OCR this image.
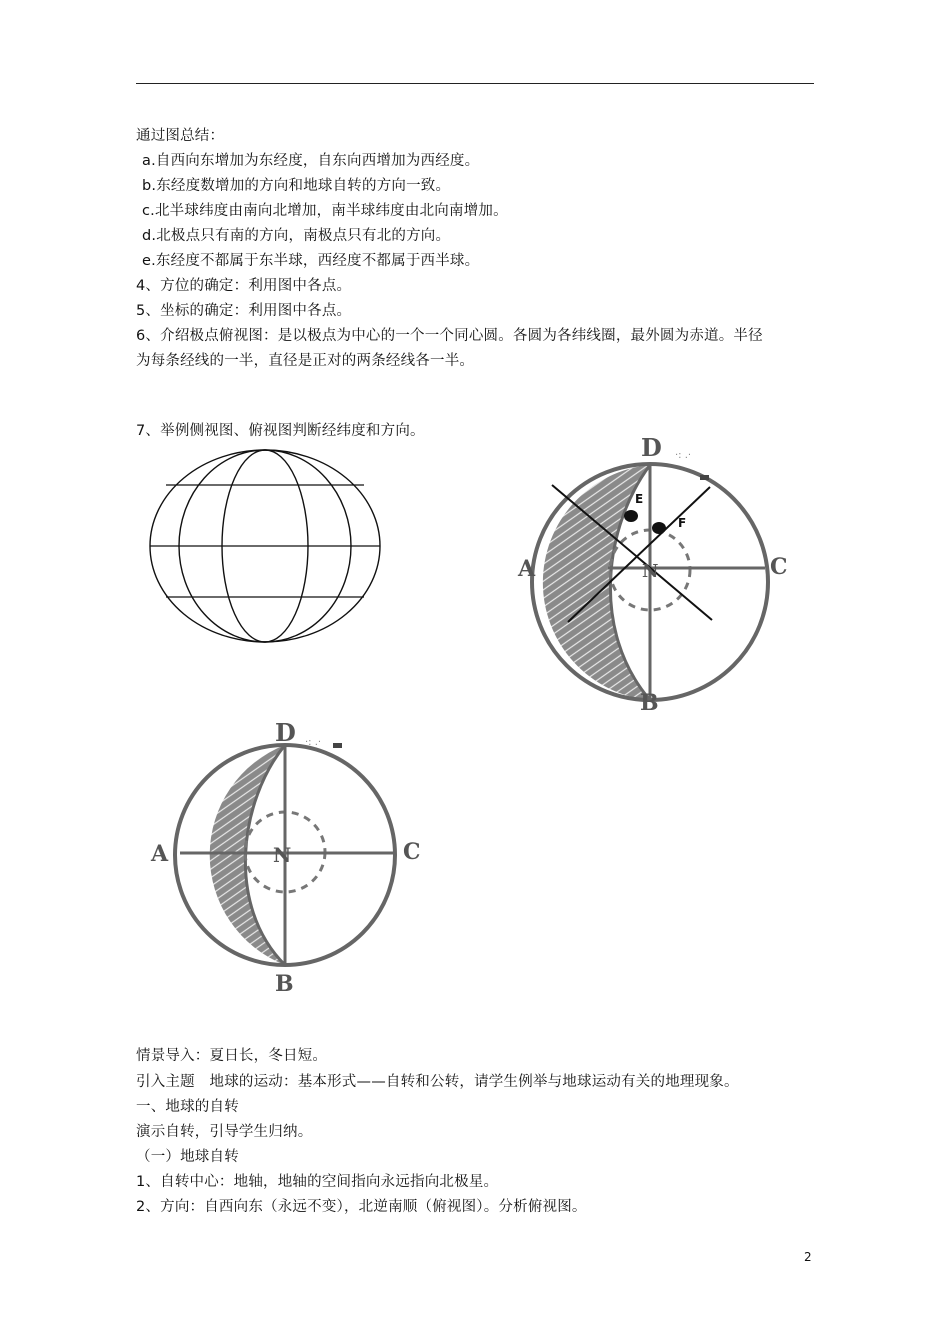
通过图总结：
a.自西向东增加为东经度，自东向西增加为西经度。
b.东经度数增加的方向和地球自转的方向一致。
c.北半球纬度由南向北增加，南半球纬度由北向南增加。
d.北极点只有南的方向，南极点只有北的方向。
e.东经度不都属于东半球，西经度不都属于西半球。
4、方位的确定：利用图中各点。
5、坐标的确定：利用图中各点。
6、介绍极点俯视图：是以极点为中心的一个一个同心圆。各圆为各纬线圈，最外圆为赤道。半径
为每条经线的一半，直径是正对的两条经线各一半。
7、举例侧视图、俯视图判断经纬度和方向。
E
F
D
A	C
B
N
·: .·
D
A	C
B
N
·: .·
情景导入：夏日长，冬日短。
引入主题　地球的运动：基本形式——自转和公转，请学生例举与地球运动有关的地理现象。
一、地球的自转
演示自转，引导学生归纳。
（一）地球自转
1、自转中心：地轴，地轴的空间指向永远指向北极星。
2、方向：自西向东（永远不变），北逆南顺（俯视图）。分析俯视图。
2
